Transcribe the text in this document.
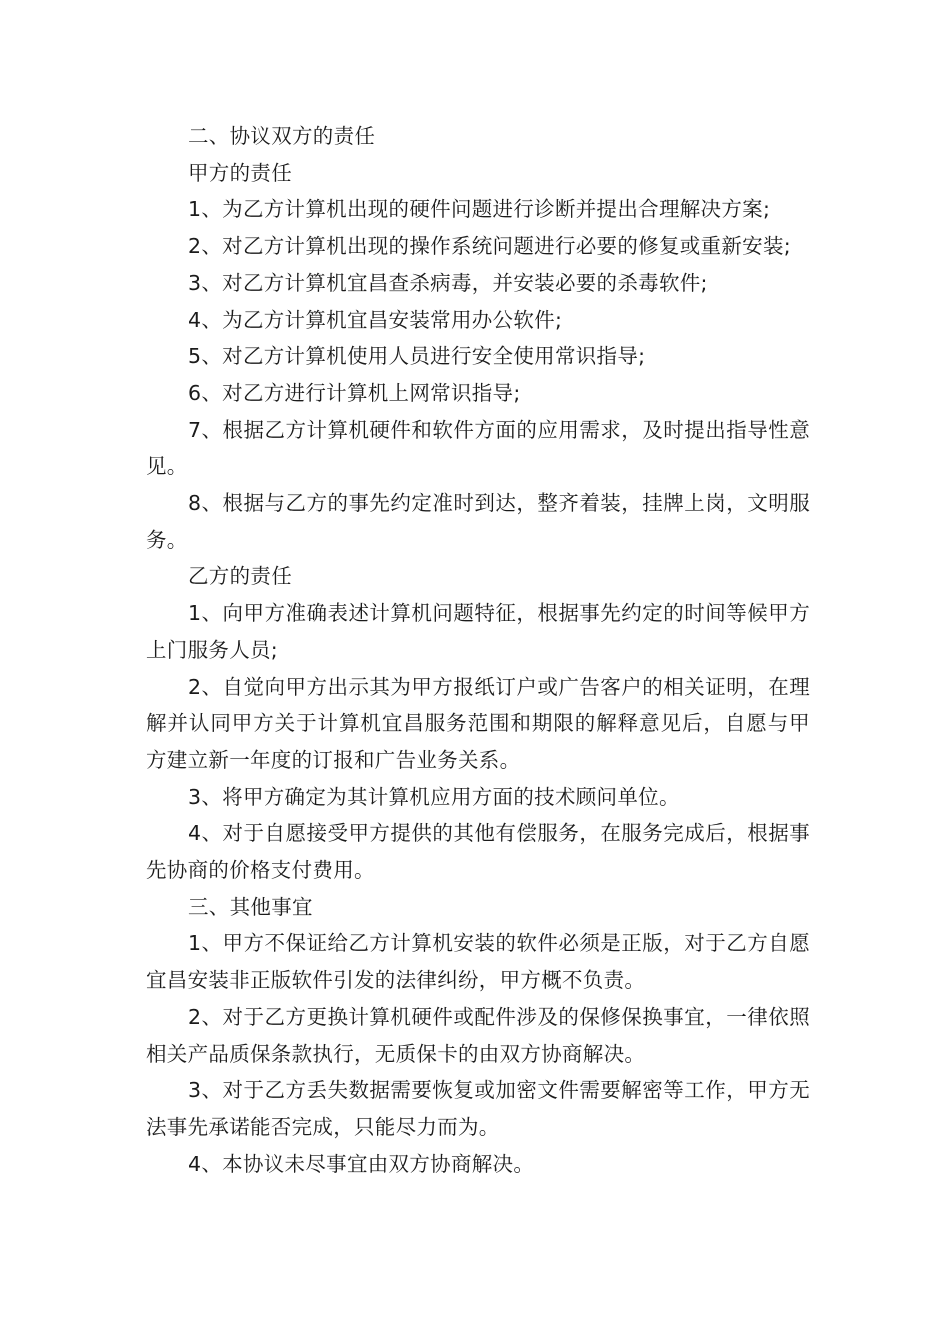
二、协议双方的责任

甲方的责任

1、为乙方计算机出现的硬件问题进行诊断并提出合理解决方案;

2、对乙方计算机出现的操作系统问题进行必要的修复或重新安装;

3、对乙方计算机宜昌查杀病毒，并安装必要的杀毒软件;

4、为乙方计算机宜昌安装常用办公软件;

5、对乙方计算机使用人员进行安全使用常识指导;

6、对乙方进行计算机上网常识指导;

7、根据乙方计算机硬件和软件方面的应用需求，及时提出指导性意见。

8、根据与乙方的事先约定准时到达，整齐着装，挂牌上岗，文明服务。

乙方的责任

1、向甲方准确表述计算机问题特征，根据事先约定的时间等候甲方上门服务人员;

2、自觉向甲方出示其为甲方报纸订户或广告客户的相关证明，在理解并认同甲方关于计算机宜昌服务范围和期限的解释意见后，自愿与甲方建立新一年度的订报和广告业务关系。

3、将甲方确定为其计算机应用方面的技术顾问单位。

4、对于自愿接受甲方提供的其他有偿服务，在服务完成后，根据事先协商的价格支付费用。

三、其他事宜

1、甲方不保证给乙方计算机安装的软件必须是正版，对于乙方自愿宜昌安装非正版软件引发的法律纠纷，甲方概不负责。

2、对于乙方更换计算机硬件或配件涉及的保修保换事宜，一律依照相关产品质保条款执行，无质保卡的由双方协商解决。

3、对于乙方丢失数据需要恢复或加密文件需要解密等工作，甲方无法事先承诺能否完成，只能尽力而为。

4、本协议未尽事宜由双方协商解决。
